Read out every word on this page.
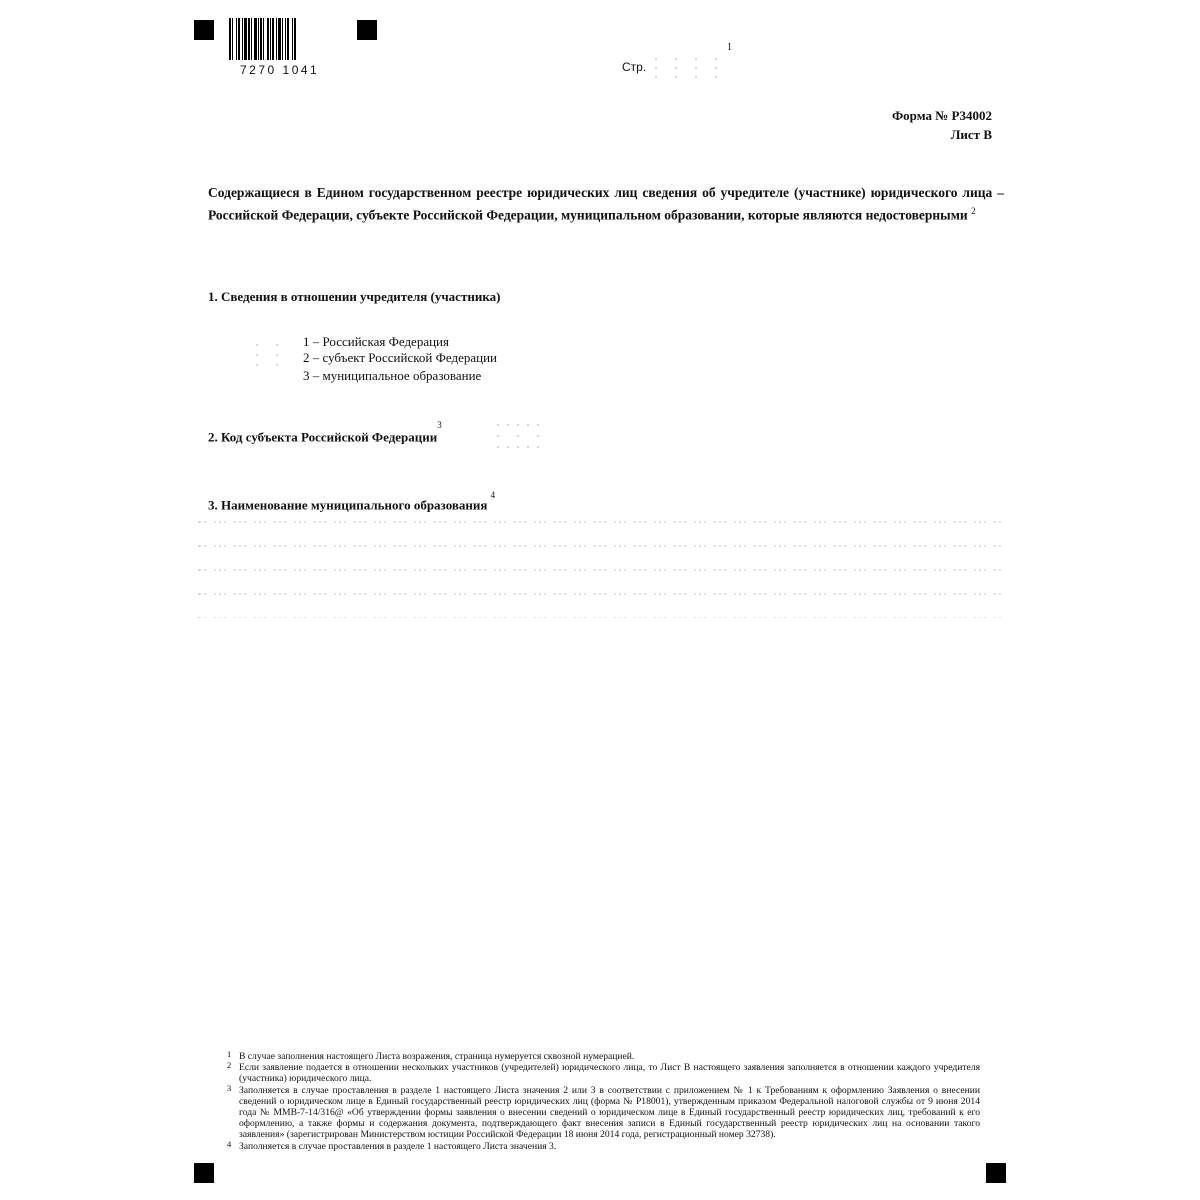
7270 1041	Стр.
1
Форма № Р34002
Лист В
Содержащиеся в Едином государственном реестре юридических лиц сведения об учредителе (участнике) юридического лица – Российской Федерации, субъекте Российской Федерации, муниципальном образовании, которые являются недостоверными $^2$
1. Сведения в отношении учредителя (участника)
1 – Российская Федерация
2 – субъект Российской Федерации
3 – муниципальное образование
2. Код субъекта Российской Федерации$^3$
3. Наименование муниципального образования $^4$
1 В случае заполнения настоящего Листа возражения, страница нумеруется сквозной нумерацией.
2 Если заявление подается в отношении нескольких участников (учредителей) юридического лица, то Лист В настоящего заявления заполняется в отношении каждого учредителя (участника) юридического лица.
3 Заполняется в случае проставления в разделе 1 настоящего Листа значения 2 или 3 в соответствии с приложением № 1 к Требованиям к оформлению Заявления о внесении сведений о юридическом лице в Единый государственный реестр юридических лиц (форма № Р18001), утвержденным приказом Федеральной налоговой службы от 9 июня 2014 года № ММВ-7-14/316@ «Об утверждении формы заявления о внесении сведений о юридическом лице в Единый государственный реестр юридических лиц, требований к его оформлению, а также формы и содержания документа, подтверждающего факт внесения записи в Единый государственный реестр юридических лиц на основании такого заявления» (зарегистрирован Министерством юстиции Российской Федерации 18 июня 2014 года, регистрационный номер 32738).
4 Заполняется в случае проставления в разделе 1 настоящего Листа значения 3.
